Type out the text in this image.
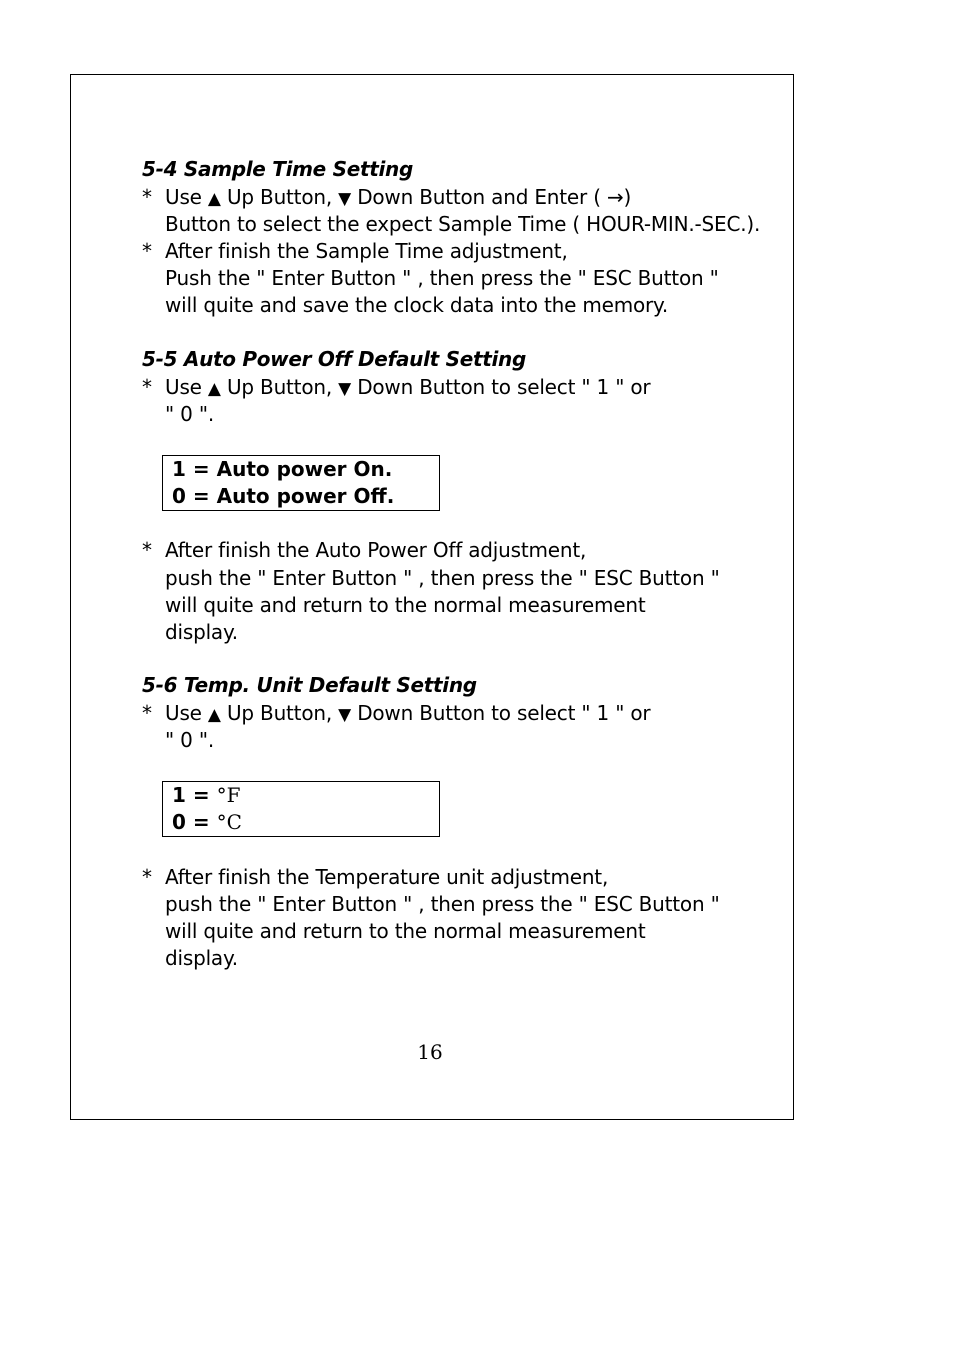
5-4 Sample Time Setting
* Use ▲ Up Button, ▼ Down Button and Enter ( →)
Button to select the expect Sample Time ( HOUR-MIN.-SEC.).
* After finish the Sample Time adjustment,
Push the " Enter Button " , then press the " ESC Button "
will quite and save the clock data into the memory.
5-5 Auto Power Off Default Setting
* Use ▲ Up Button, ▼ Down Button to select " 1 " or
" 0 ".
1 = Auto power On.
0 = Auto power Off.
* After finish the Auto Power Off adjustment,
push the " Enter Button " , then press the " ESC Button "
will quite and return to the normal measurement
display.
5-6 Temp. Unit Default Setting
* Use ▲ Up Button, ▼ Down Button to select " 1 " or
" 0 ".
1 = °F
0 = °C
* After finish the Temperature unit adjustment,
push the " Enter Button " , then press the " ESC Button "
will quite and return to the normal measurement
display.
16
